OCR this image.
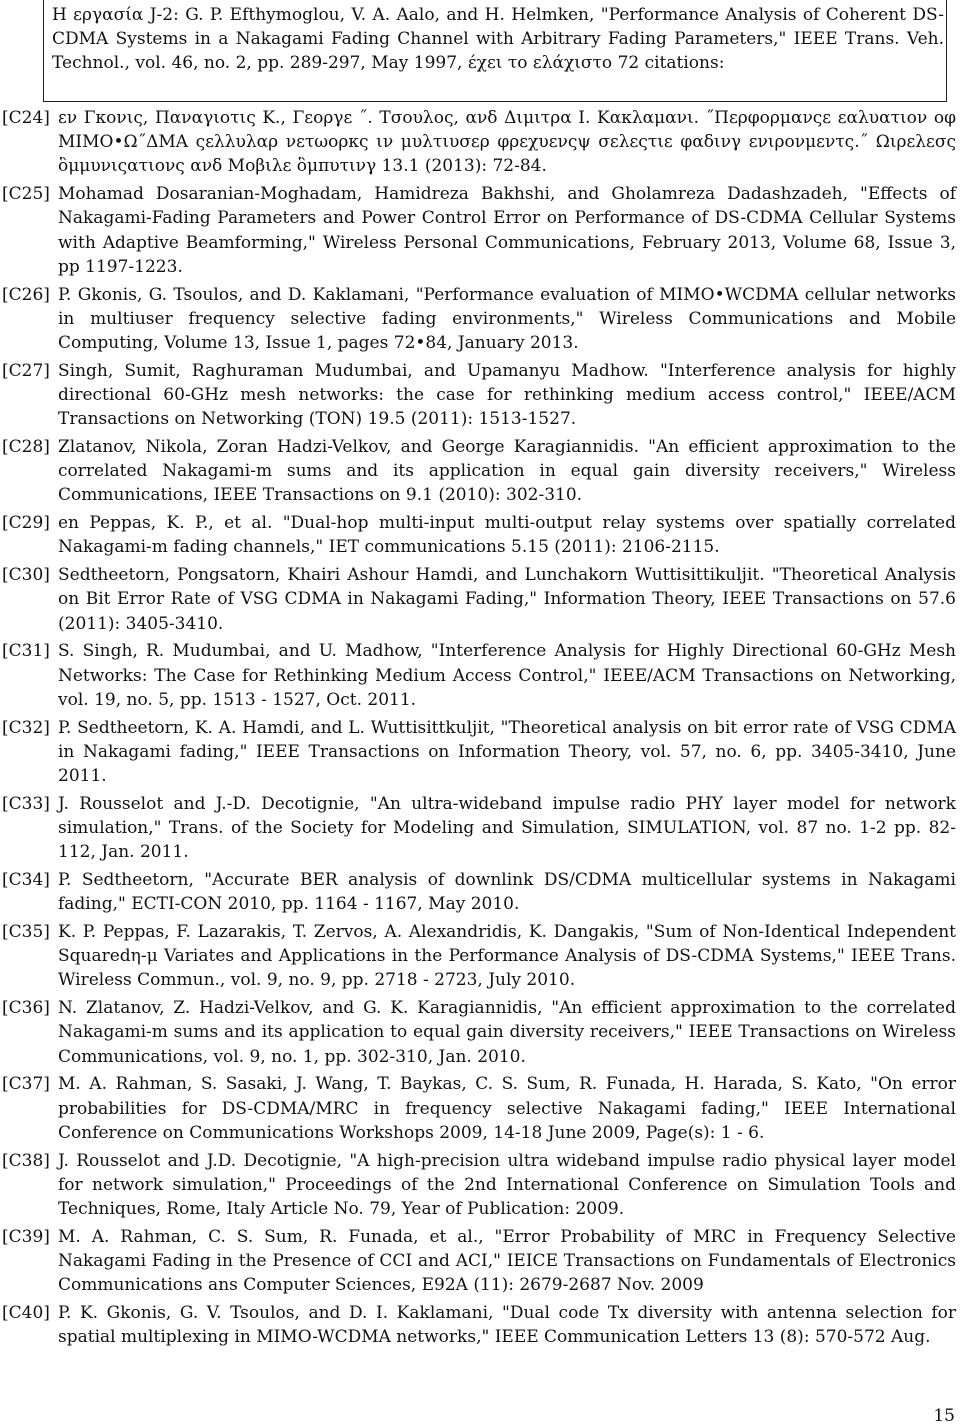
Η εργασία J-2: G. P. Efthymoglou, V. A. Aalo, and H. Helmken, "Performance Analysis of Coherent DS-CDMA Systems in a Nakagami Fading Channel with Arbitrary Fading Parameters," IEEE Trans. Veh. Technol., vol. 46, no. 2, pp. 289-297, May 1997, έχει το ελάχιστο 72 citations:
[C24] εν Γκονις, Παναγιοτις Κ., Γεοργε ˝. Τσουλος, ανδ Διμιτρα Ι. Κακλαμανι. ˝Περφορμανςε εαλυατιον οφ ΜΙΜΟ•Ω˝ΔΜΑ ςελλυλαρ νετωορκς ιν μυλτιυσερ φρεχυενςψ σελεςτιε φαδινγ ενιρονμεντς.˝ Ωιρελεσς ὃμμυνιςατιονς ανδ Μοβιλε ὃμπυτινγ 13.1 (2013): 72-84.
[C25] Mohamad Dosaranian-Moghadam, Hamidreza Bakhshi, and Gholamreza Dadashzadeh, "Effects of Nakagami-Fading Parameters and Power Control Error on Performance of DS-CDMA Cellular Systems with Adaptive Beamforming," Wireless Personal Communications, February 2013, Volume 68, Issue 3, pp 1197-1223.
[C26] P. Gkonis, G. Tsoulos, and D. Kaklamani, "Performance evaluation of MIMO•WCDMA cellular networks in multiuser frequency selective fading environments," Wireless Communications and Mobile Computing, Volume 13, Issue 1, pages 72•84, January 2013.
[C27] Singh, Sumit, Raghuraman Mudumbai, and Upamanyu Madhow. "Interference analysis for highly directional 60-GHz mesh networks: the case for rethinking medium access control," IEEE/ACM Transactions on Networking (TON) 19.5 (2011): 1513-1527.
[C28] Zlatanov, Nikola, Zoran Hadzi-Velkov, and George Karagiannidis. "An efficient approximation to the correlated Nakagami-m sums and its application in equal gain diversity receivers," Wireless Communications, IEEE Transactions on 9.1 (2010): 302-310.
[C29] en Peppas, K. P., et al. "Dual-hop multi-input multi-output relay systems over spatially correlated Nakagami-m fading channels," IET communications 5.15 (2011): 2106-2115.
[C30] Sedtheetorn, Pongsatorn, Khairi Ashour Hamdi, and Lunchakorn Wuttisittikuljit. "Theoretical Analysis on Bit Error Rate of VSG CDMA in Nakagami Fading," Information Theory, IEEE Transactions on 57.6 (2011): 3405-3410.
[C31] S. Singh, R. Mudumbai, and U. Madhow, "Interference Analysis for Highly Directional 60-GHz Mesh Networks: The Case for Rethinking Medium Access Control," IEEE/ACM Transactions on Networking, vol. 19, no. 5, pp. 1513 - 1527, Oct. 2011.
[C32] P. Sedtheetorn, K. A. Hamdi, and L. Wuttisittkuljit, "Theoretical analysis on bit error rate of VSG CDMA in Nakagami fading," IEEE Transactions on Information Theory, vol. 57, no. 6, pp. 3405-3410, June 2011.
[C33] J. Rousselot and J.-D. Decotignie, "An ultra-wideband impulse radio PHY layer model for network simulation," Trans. of the Society for Modeling and Simulation, SIMULATION, vol. 87 no. 1-2 pp. 82-112, Jan. 2011.
[C34] P. Sedtheetorn, "Accurate BER analysis of downlink DS/CDMA multicellular systems in Nakagami fading," ECTI-CON 2010, pp. 1164 - 1167, May 2010.
[C35] K. P. Peppas, F. Lazarakis, T. Zervos, A. Alexandridis, K. Dangakis, "Sum of Non-Identical Independent Squaredη-μ Variates and Applications in the Performance Analysis of DS-CDMA Systems," IEEE Trans. Wireless Commun., vol. 9, no. 9, pp. 2718 - 2723, July 2010.
[C36] N. Zlatanov, Z. Hadzi-Velkov, and G. K. Karagiannidis, "An efficient approximation to the correlated Nakagami-m sums and its application to equal gain diversity receivers," IEEE Transactions on Wireless Communications, vol. 9, no. 1, pp. 302-310, Jan. 2010.
[C37] M. A. Rahman, S. Sasaki, J. Wang, T. Baykas, C. S. Sum, R. Funada, H. Harada, S. Kato, "On error probabilities for DS-CDMA/MRC in frequency selective Nakagami fading," IEEE International Conference on Communications Workshops 2009, 14-18 June 2009, Page(s): 1 - 6.
[C38] J. Rousselot and J.D. Decotignie, "A high-precision ultra wideband impulse radio physical layer model for network simulation," Proceedings of the 2nd International Conference on Simulation Tools and Techniques, Rome, Italy Article No. 79, Year of Publication: 2009.
[C39] M. A. Rahman, C. S. Sum, R. Funada, et al., "Error Probability of MRC in Frequency Selective Nakagami Fading in the Presence of CCI and ACI," IEICE Transactions on Fundamentals of Electronics Communications ans Computer Sciences, E92A (11): 2679-2687 Nov. 2009
[C40] P. K. Gkonis, G. V. Tsoulos, and D. I. Kaklamani, "Dual code Tx diversity with antenna selection for spatial multiplexing in MIMO-WCDMA networks," IEEE Communication Letters 13 (8): 570-572 Aug.
15
